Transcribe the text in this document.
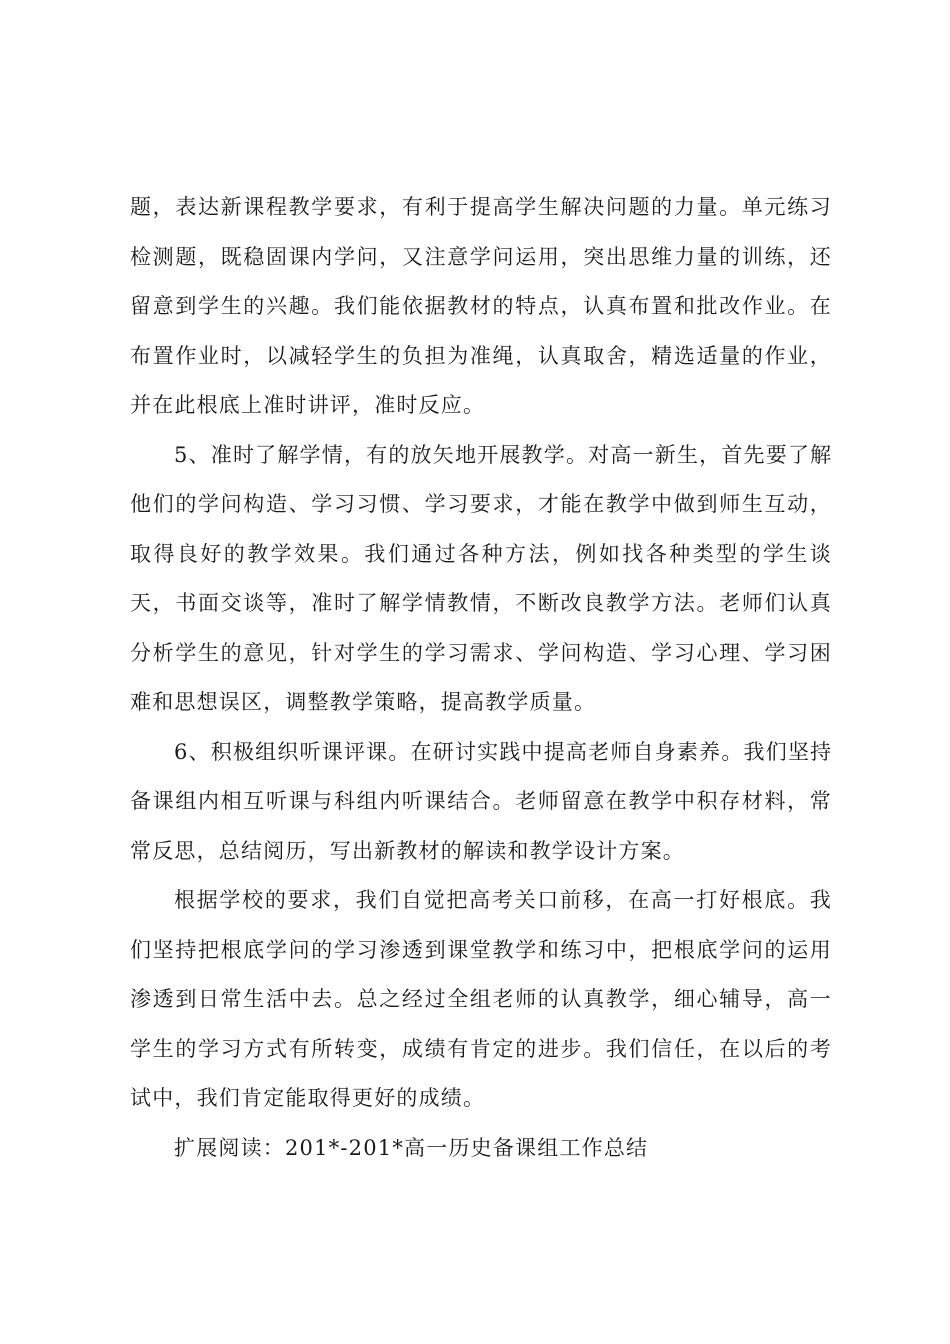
题，表达新课程教学要求，有利于提高学生解决问题的力量。单元练习
检测题，既稳固课内学问，又注意学问运用，突出思维力量的训练，还
留意到学生的兴趣。我们能依据教材的特点，认真布置和批改作业。在
布置作业时，以减轻学生的负担为准绳，认真取舍，精选适量的作业，
并在此根底上准时讲评，准时反应。
5、准时了解学情，有的放矢地开展教学。对高一新生，首先要了解
他们的学问构造、学习习惯、学习要求，才能在教学中做到师生互动，
取得良好的教学效果。我们通过各种方法，例如找各种类型的学生谈
天，书面交谈等，准时了解学情教情，不断改良教学方法。老师们认真
分析学生的意见，针对学生的学习需求、学问构造、学习心理、学习困
难和思想误区，调整教学策略，提高教学质量。
6、积极组织听课评课。在研讨实践中提高老师自身素养。我们坚持
备课组内相互听课与科组内听课结合。老师留意在教学中积存材料，常
常反思，总结阅历，写出新教材的解读和教学设计方案。
根据学校的要求，我们自觉把高考关口前移，在高一打好根底。我
们坚持把根底学问的学习渗透到课堂教学和练习中，把根底学问的运用
渗透到日常生活中去。总之经过全组老师的认真教学，细心辅导，高一
学生的学习方式有所转变，成绩有肯定的进步。我们信任，在以后的考
试中，我们肯定能取得更好的成绩。
扩展阅读：201*-201*高一历史备课组工作总结
